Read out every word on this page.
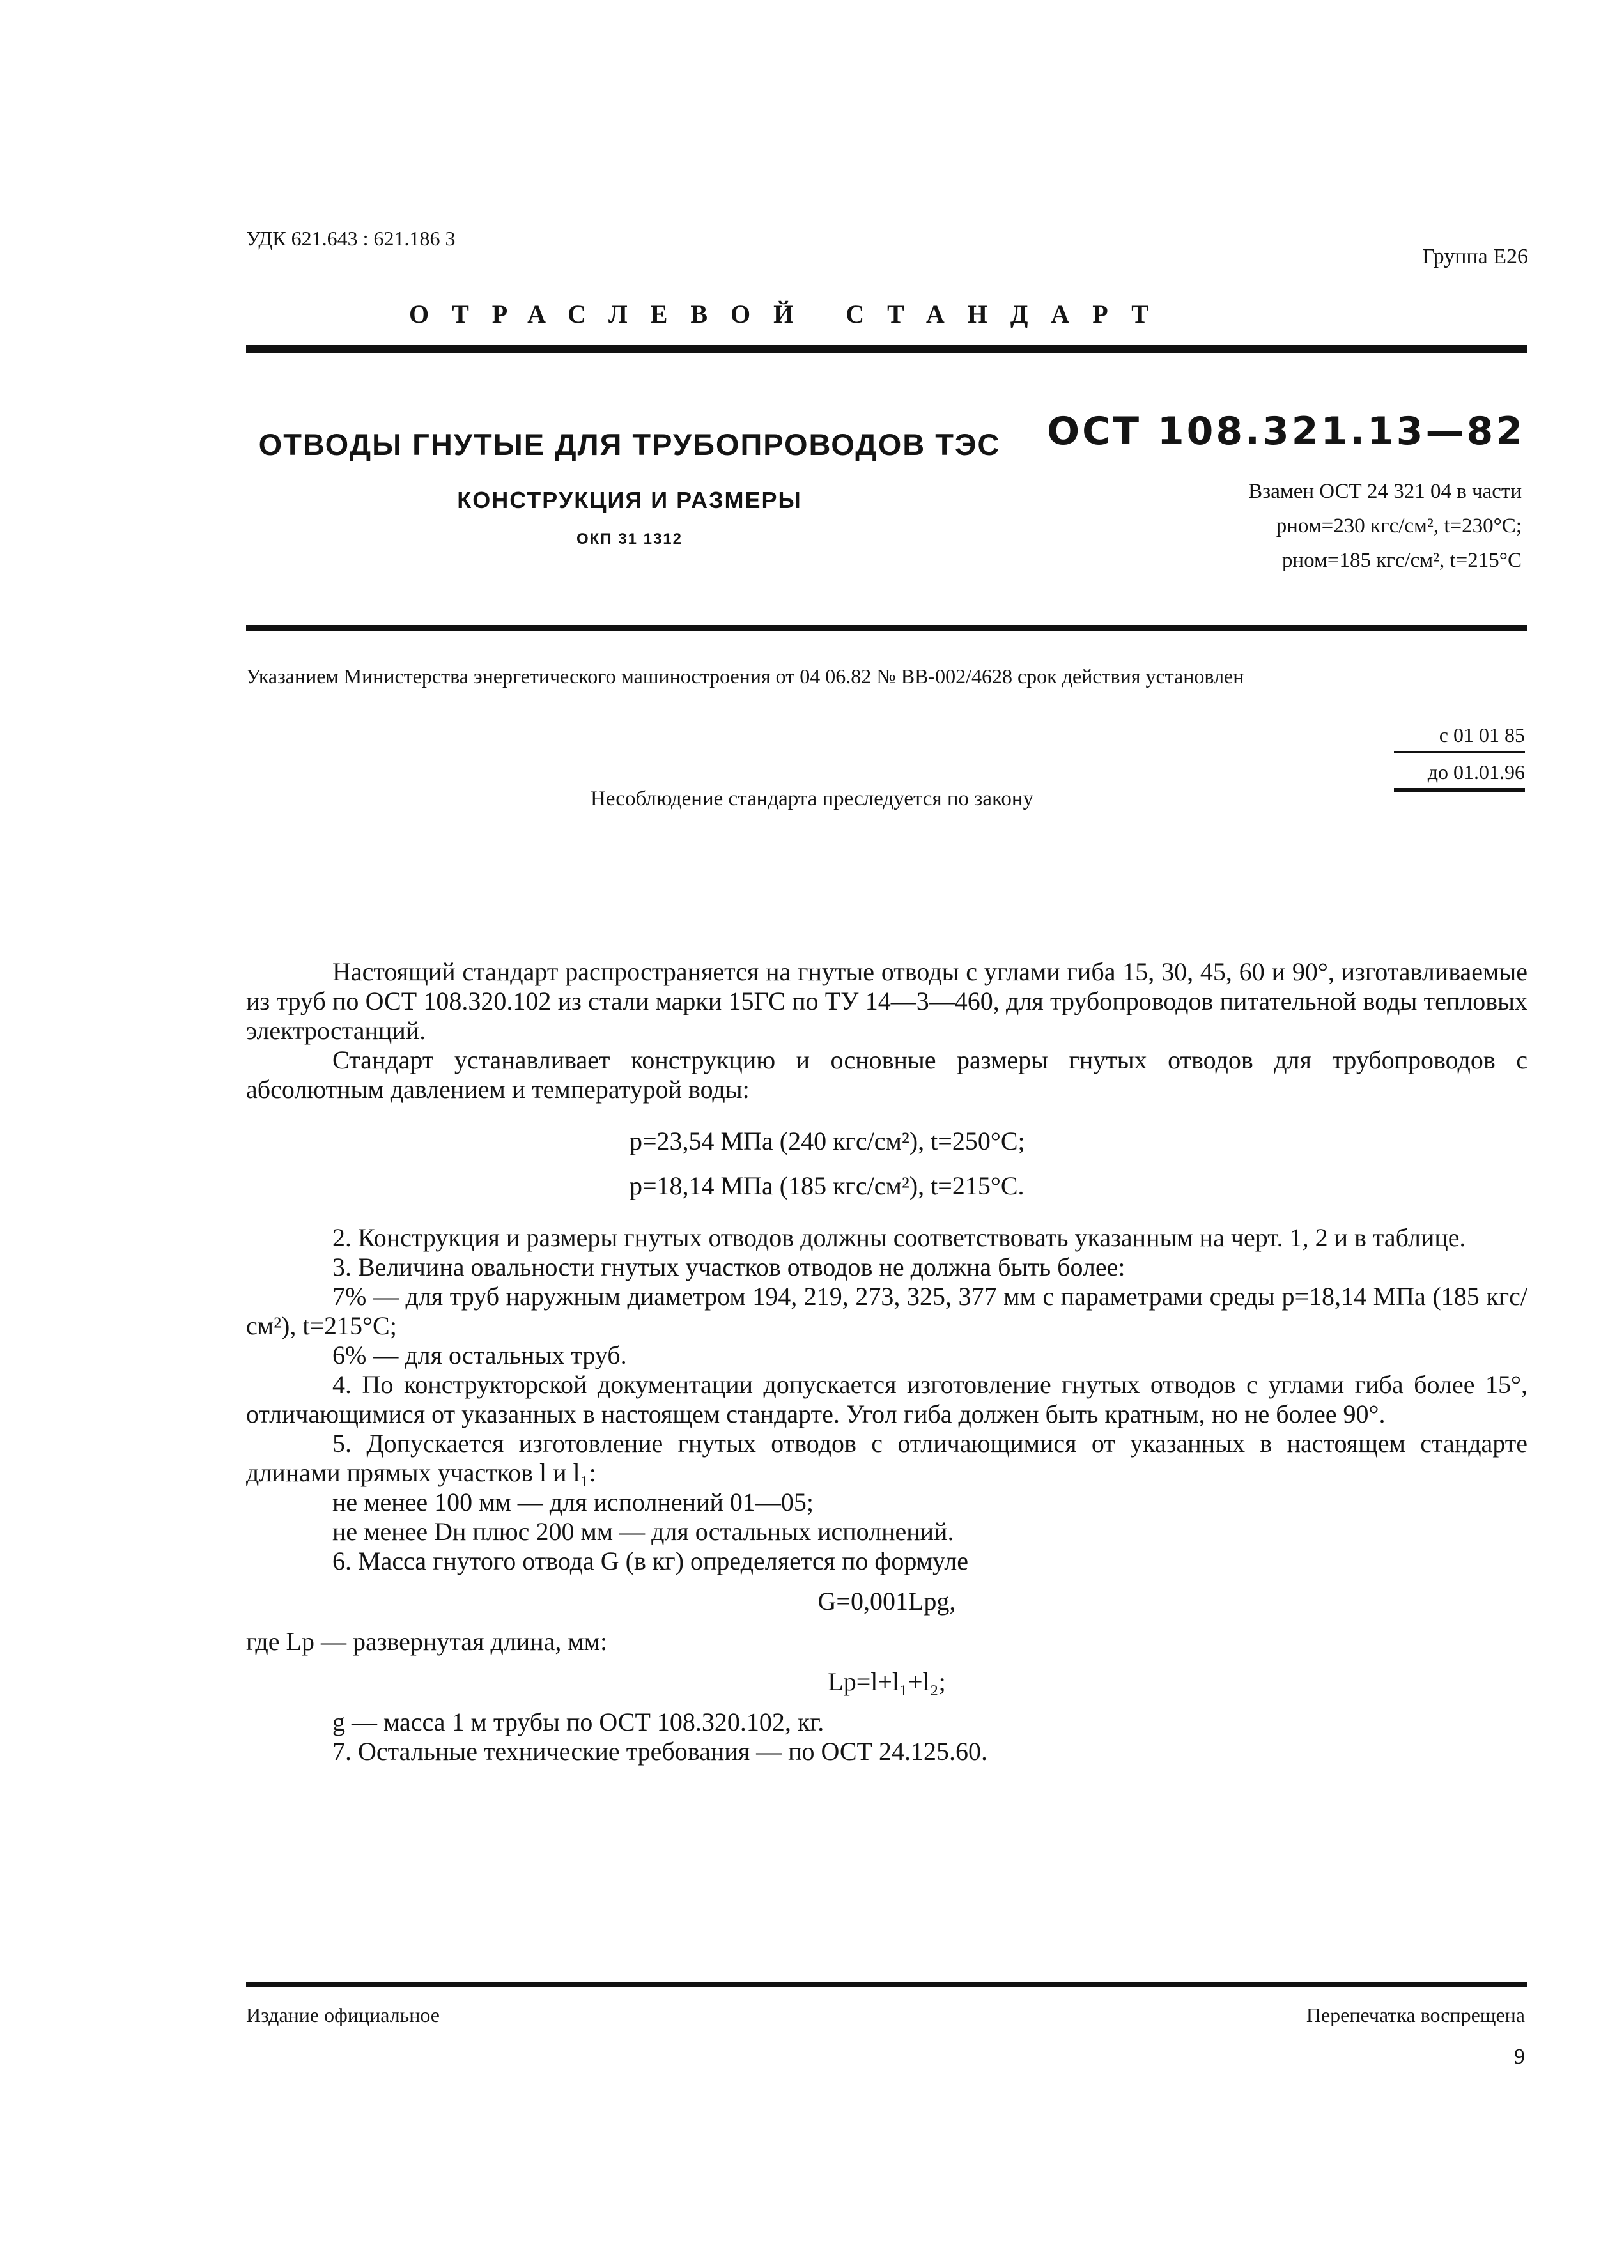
УДК 621.643 : 621.186 3
Группа Е26
ОТРАСЛЕВОЙ СТАНДАРТ
ОТВОДЫ ГНУТЫЕ ДЛЯ ТРУБОПРОВОДОВ ТЭС
КОНСТРУКЦИЯ И РАЗМЕРЫ
ОКП 31 1312
ОСТ 108.321.13—82
Взамен ОСТ 24 321 04 в части
pном=230 кгс/см², t=230°С;
pном=185 кгс/см², t=215°С
Указанием Министерства энергетического машиностроения от 04 06.82 № ВВ-002/4628 срок действия установлен
с 01 01 85
до 01.01.96
Несоблюдение стандарта преследуется по закону

Настоящий стандарт распространяется на гнутые отводы с углами гиба 15, 30, 45, 60 и 90°, изготавливаемые из труб по ОСТ 108.320.102 из стали марки 15ГС по ТУ 14—3—460, для трубопроводов питательной воды тепловых электростанций.

Стандарт устанавливает конструкцию и основные размеры гнутых отводов для трубопроводов с абсолютным давлением и температурой воды:

p=23,54 МПа (240 кгс/см²), t=250°С;

p=18,14 МПа (185 кгс/см²), t=215°С.

2. Конструкция и размеры гнутых отводов должны соответствовать указанным на черт. 1, 2 и в таблице.

3. Величина овальности гнутых участков отводов не должна быть более:

7% — для труб наружным диаметром 194, 219, 273, 325, 377 мм с параметрами среды p=18,14 МПа (185 кгс/см²), t=215°С;

6% — для остальных труб.

4. По конструкторской документации допускается изготовление гнутых отводов с углами гиба более 15°, отличающимися от указанных в настоящем стандарте. Угол гиба должен быть кратным, но не более 90°.

5. Допускается изготовление гнутых отводов с отличающимися от указанных в настоящем стандарте длинами прямых участков l и l₁:

не менее 100 мм — для исполнений 01—05;

не менее Dн плюс 200 мм — для остальных исполнений.

6. Масса гнутого отвода G (в кг) определяется по формуле

G=0,001Lpg,

где Lp — развернутая длина, мм:

Lp=l+l₁+l₂;

g — масса 1 м трубы по ОСТ 108.320.102, кг.

7. Остальные технические требования — по ОСТ 24.125.60.

Издание официальное	Перепечатка воспрещена
9
